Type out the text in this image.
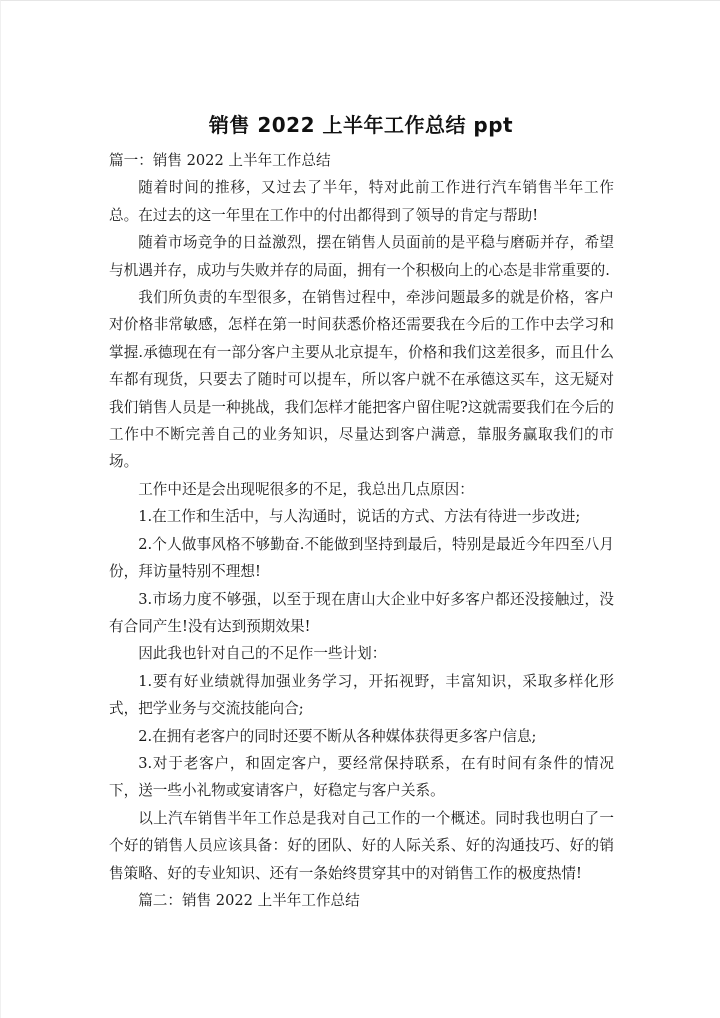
销售 2022 上半年工作总结 ppt

篇一：销售 2022 上半年工作总结

随着时间的推移，又过去了半年，特对此前工作进行汽车销售半年工作总。在过去的这一年里在工作中的付出都得到了领导的肯定与帮助!

随着市场竞争的日益激烈，摆在销售人员面前的是平稳与磨砺并存，希望与机遇并存，成功与失败并存的局面，拥有一个积极向上的心态是非常重要的.

我们所负责的车型很多，在销售过程中，牵涉问题最多的就是价格，客户对价格非常敏感，怎样在第一时间获悉价格还需要我在今后的工作中去学习和掌握.承德现在有一部分客户主要从北京提车，价格和我们这差很多，而且什么车都有现货，只要去了随时可以提车，所以客户就不在承德这买车，这无疑对我们销售人员是一种挑战，我们怎样才能把客户留住呢?这就需要我们在今后的工作中不断完善自己的业务知识，尽量达到客户满意，靠服务赢取我们的市场。

工作中还是会出现呢很多的不足，我总出几点原因：

1.在工作和生活中，与人沟通时，说话的方式、方法有待进一步改进;

2.个人做事风格不够勤奋.不能做到坚持到最后，特别是最近今年四至八月份，拜访量特别不理想!

3.市场力度不够强，以至于现在唐山大企业中好多客户都还没接触过，没有合同产生!没有达到预期效果!

因此我也针对自己的不足作一些计划：

1.要有好业绩就得加强业务学习，开拓视野，丰富知识，采取多样化形式，把学业务与交流技能向合;

2.在拥有老客户的同时还要不断从各种媒体获得更多客户信息;

3.对于老客户，和固定客户，要经常保持联系，在有时间有条件的情况下，送一些小礼物或宴请客户，好稳定与客户关系。

以上汽车销售半年工作总是我对自己工作的一个概述。同时我也明白了一个好的销售人员应该具备：好的团队、好的人际关系、好的沟通技巧、好的销售策略、好的专业知识、还有一条始终贯穿其中的对销售工作的极度热情!

篇二：销售 2022 上半年工作总结
